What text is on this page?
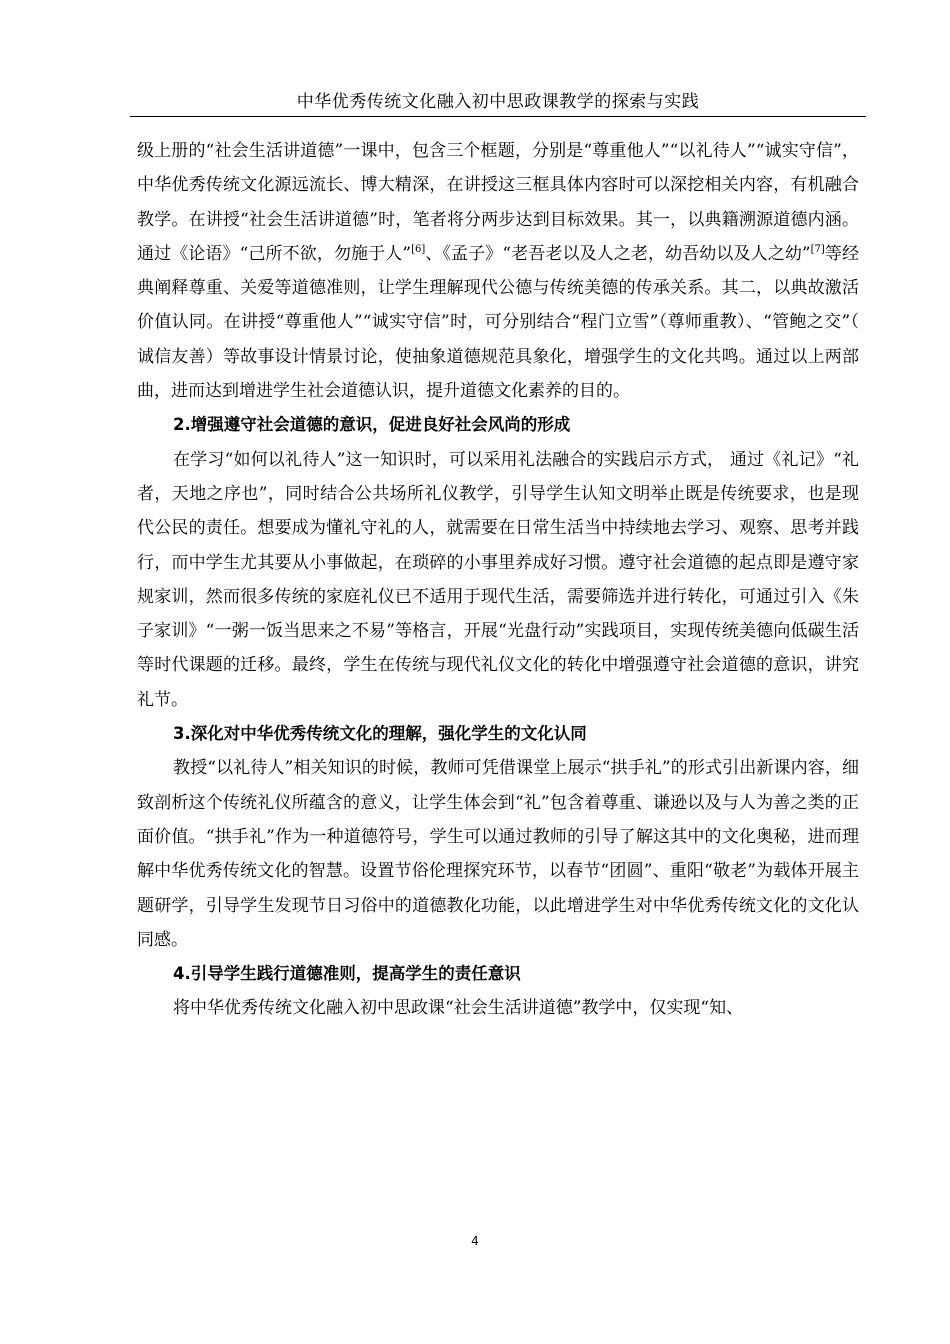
中华优秀传统文化融入初中思政课教学的探索与实践

级上册的“社会生活讲道德”一课中，包含三个框题，分别是“尊重他人”“以礼待人”“诚实守信”，中华优秀传统文化源远流长、博大精深，在讲授这三框具体内容时可以深挖相关内容，有机融合教学。在讲授“社会生活讲道德”时，笔者将分两步达到目标效果。其一，以典籍溯源道德内涵。通过《论语》“己所不欲，勿施于人”[6]、《孟子》“老吾老以及人之老，幼吾幼以及人之幼”[7]等经典阐释尊重、关爱等道德准则，让学生理解现代公德与传统美德的传承关系。其二，以典故激活价值认同。在讲授“尊重他人”“诚实守信”时，可分别结合“程门立雪”（尊师重教）、“管鲍之交”（诚信友善）等故事设计情景讨论，使抽象道德规范具象化，增强学生的文化共鸣。通过以上两部曲，进而达到增进学生社会道德认识，提升道德文化素养的目的。

2.增强遵守社会道德的意识，促进良好社会风尚的形成

在学习“如何以礼待人”这一知识时，可以采用礼法融合的实践启示方式， 通过《礼记》“礼者，天地之序也”，同时结合公共场所礼仪教学，引导学生认知文明举止既是传统要求，也是现代公民的责任。想要成为懂礼守礼的人，就需要在日常生活当中持续地去学习、观察、思考并践行，而中学生尤其要从小事做起，在琐碎的小事里养成好习惯。遵守社会道德的起点即是遵守家规家训，然而很多传统的家庭礼仪已不适用于现代生活，需要筛选并进行转化，可通过引入《朱子家训》“一粥一饭当思来之不易”等格言，开展“光盘行动”实践项目，实现传统美德向低碳生活等时代课题的迁移。最终，学生在传统与现代礼仪文化的转化中增强遵守社会道德的意识，讲究礼节。

3.深化对中华优秀传统文化的理解，强化学生的文化认同

教授“以礼待人”相关知识的时候，教师可凭借课堂上展示“拱手礼”的形式引出新课内容，细致剖析这个传统礼仪所蕴含的意义，让学生体会到“礼”包含着尊重、谦逊以及与人为善之类的正面价值。“拱手礼”作为一种道德符号，学生可以通过教师的引导了解这其中的文化奥秘，进而理解中华优秀传统文化的智慧。设置节俗伦理探究环节，以春节“团圆”、重阳“敬老”为载体开展主题研学，引导学生发现节日习俗中的道德教化功能，以此增进学生对中华优秀传统文化的文化认同感。

4.引导学生践行道德准则，提高学生的责任意识

将中华优秀传统文化融入初中思政课“社会生活讲道德”教学中，仅实现“知、

4
